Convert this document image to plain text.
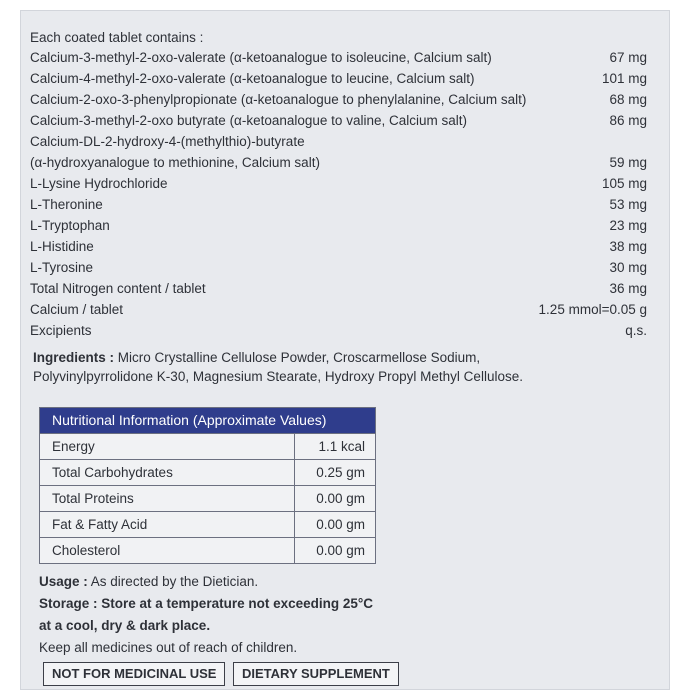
Each coated tablet contains :
Calcium-3-methyl-2-oxo-valerate (α-ketoanalogue to isoleucine, Calcium salt)	67 mg
Calcium-4-methyl-2-oxo-valerate (α-ketoanalogue to leucine, Calcium salt)	101 mg
Calcium-2-oxo-3-phenylpropionate (α-ketoanalogue to phenylalanine, Calcium salt)	68 mg
Calcium-3-methyl-2-oxo butyrate (α-ketoanalogue to valine, Calcium salt)	86 mg
Calcium-DL-2-hydroxy-4-(methylthio)-butyrate
(α-hydroxyanalogue to methionine, Calcium salt)	59 mg
L-Lysine Hydrochloride	105 mg
L-Theronine	53 mg
L-Tryptophan	23 mg
L-Histidine	38 mg
L-Tyrosine	30 mg
Total Nitrogen content / tablet	36 mg
Calcium / tablet	1.25 mmol=0.05 g
Excipients	q.s.
Ingredients : Micro Crystalline Cellulose Powder, Croscarmellose Sodium,
Polyvinylpyrrolidone K-30, Magnesium Stearate, Hydroxy Propyl Methyl Cellulose.
Nutritional Information (Approximate Values)
Energy	1.1 kcal
Total Carbohydrates	0.25 gm
Total Proteins	0.00 gm
Fat & Fatty Acid	0.00 gm
Cholesterol	0.00 gm
Usage : As directed by the Dietician.
Storage : Store at a temperature not exceeding 25°C
at a cool, dry & dark place.
Keep all medicines out of reach of children.
NOT FOR MEDICINAL USE	DIETARY SUPPLEMENT
